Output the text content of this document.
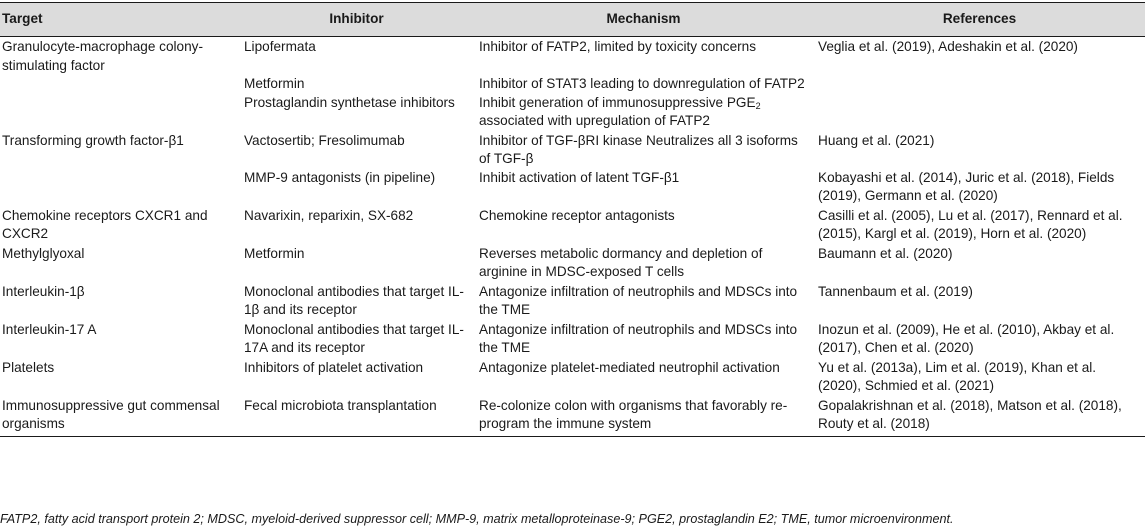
Target	Inhibitor	Mechanism	References
Granulocyte-macrophage colony-stimulating factor	Lipofermata	Inhibitor of FATP2, limited by toxicity concerns	Veglia et al. (2019), Adeshakin et al. (2020)
	Metformin	Inhibitor of STAT3 leading to downregulation of FATP2	
	Prostaglandin synthetase inhibitors	Inhibit generation of immunosuppressive $PGE_2$ associated with upregulation of FATP2	
Transforming growth factor-β1	Vactosertib; Fresolimumab	Inhibitor of TGF-βRI kinase Neutralizes all 3 isoforms of TGF-β	Huang et al. (2021)
	MMP-9 antagonists (in pipeline)	Inhibit activation of latent TGF-β1	Kobayashi et al. (2014), Juric et al. (2018), Fields (2019), Germann et al. (2020)
Chemokine receptors CXCR1 and CXCR2	Navarixin, reparixin, SX-682	Chemokine receptor antagonists	Casilli et al. (2005), Lu et al. (2017), Rennard et al. (2015), Kargl et al. (2019), Horn et al. (2020)
Methylglyoxal	Metformin	Reverses metabolic dormancy and depletion of arginine in MDSC-exposed T cells	Baumann et al. (2020)
Interleukin-1β	Monoclonal antibodies that target IL-1β and its receptor	Antagonize infiltration of neutrophils and MDSCs into the TME	Tannenbaum et al. (2019)
Interleukin-17 A	Monoclonal antibodies that target IL-17A and its receptor	Antagonize infiltration of neutrophils and MDSCs into the TME	Inozun et al. (2009), He et al. (2010), Akbay et al. (2017), Chen et al. (2020)
Platelets	Inhibitors of platelet activation	Antagonize platelet-mediated neutrophil activation	Yu et al. (2013a), Lim et al. (2019), Khan et al. (2020), Schmied et al. (2021)
Immunosuppressive gut commensal organisms	Fecal microbiota transplantation	Re-colonize colon with organisms that favorably re-program the immune system	Gopalakrishnan et al. (2018), Matson et al. (2018), Routy et al. (2018)
FATP2, fatty acid transport protein 2; MDSC, myeloid-derived suppressor cell; MMP-9, matrix metalloproteinase-9; PGE2, prostaglandin E2; TME, tumor microenvironment.
